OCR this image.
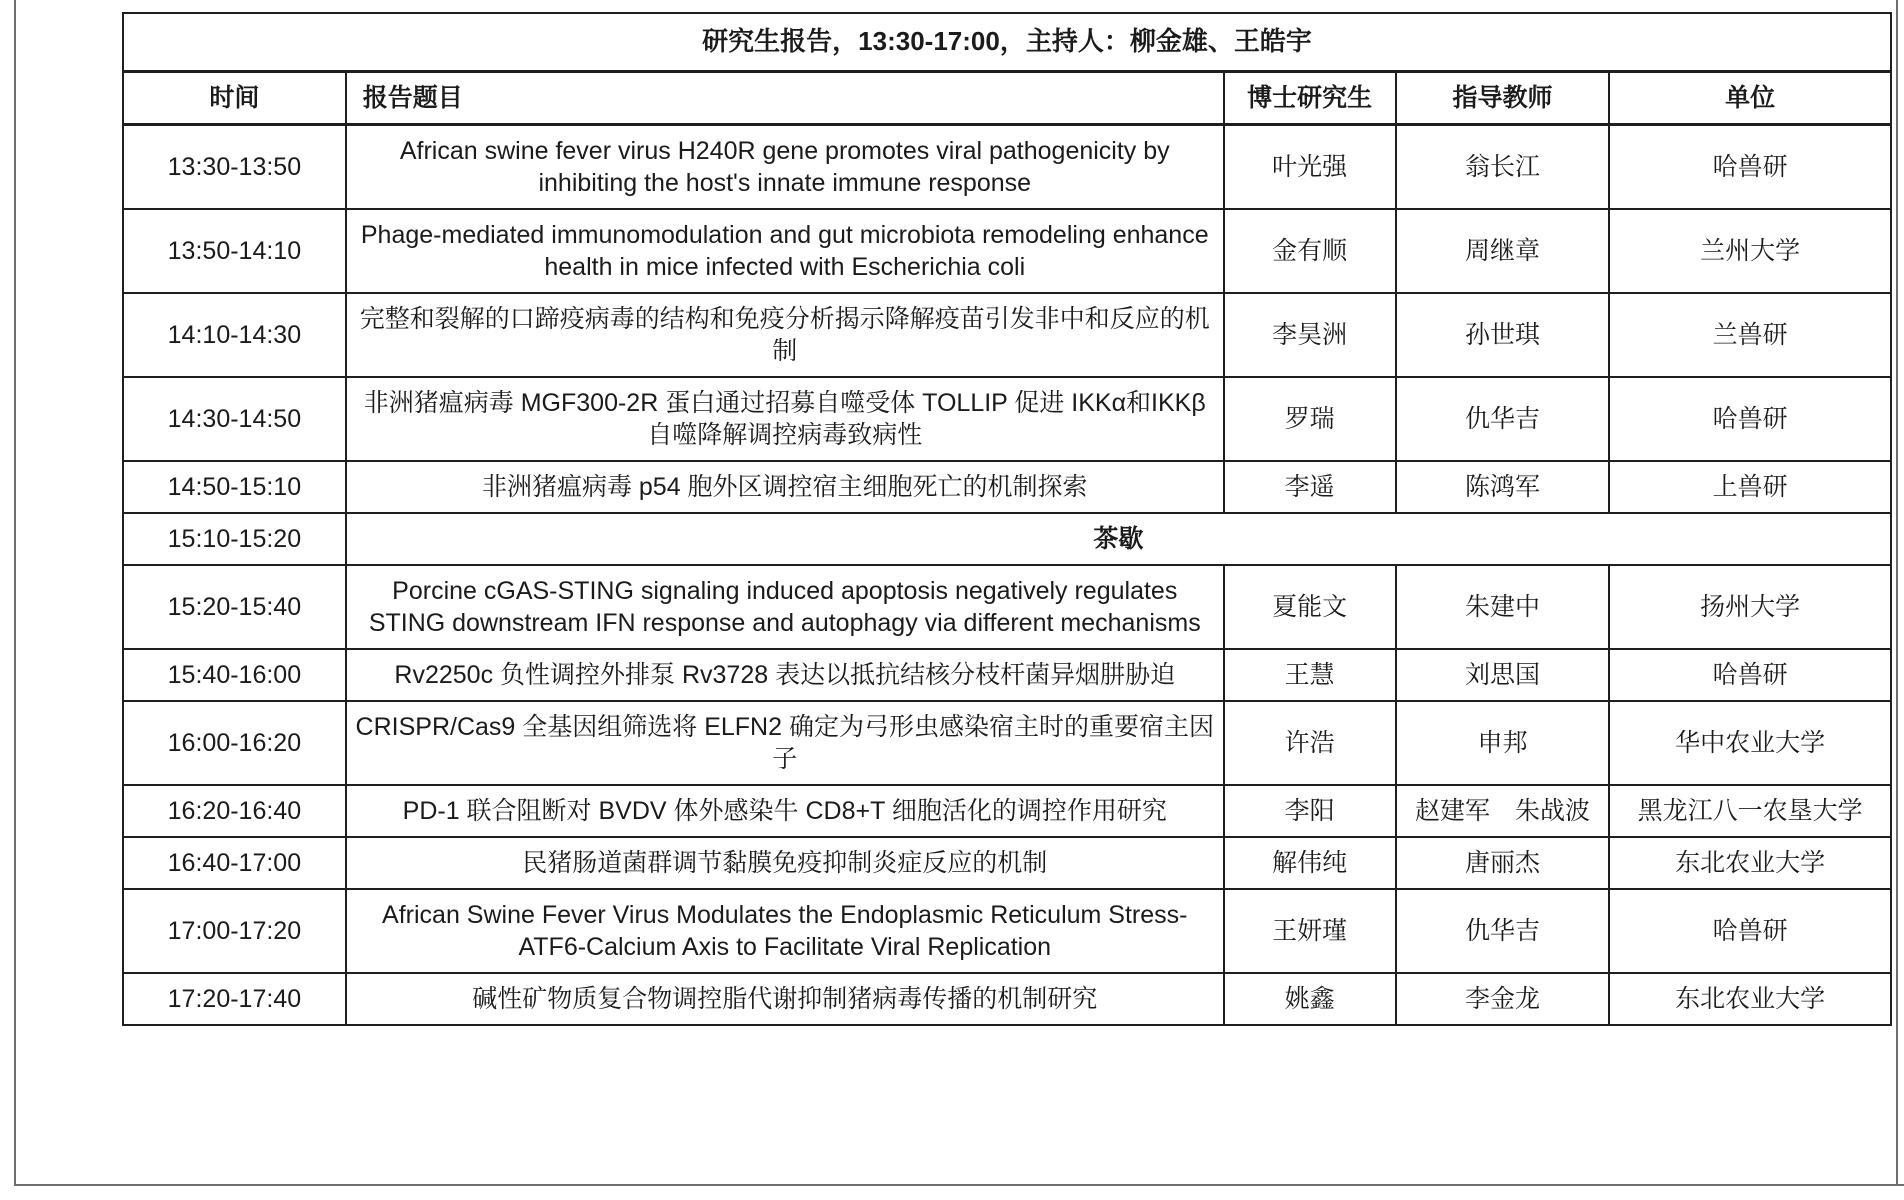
研究生报告，13:30-17:00，主持人：柳金雄、王皓宇				
时间	报告题目	博士研究生	指导教师	单位
13:30-13:50	African swine fever virus H240R gene promotes viral pathogenicity by inhibiting the host's innate immune response	叶光强	翁长江	哈兽研
13:50-14:10	Phage-mediated immunomodulation and gut microbiota remodeling enhance health in mice infected with Escherichia coli	金有顺	周继章	兰州大学
14:10-14:30	完整和裂解的口蹄疫病毒的结构和免疫分析揭示降解疫苗引发非中和反应的机制	李昊洲	孙世琪	兰兽研
14:30-14:50	非洲猪瘟病毒 MGF300-2R 蛋白通过招募自噬受体 TOLLIP 促进 IKKα和IKKβ自噬降解调控病毒致病性	罗瑞	仇华吉	哈兽研
14:50-15:10	非洲猪瘟病毒 p54 胞外区调控宿主细胞死亡的机制探索	李遥	陈鸿军	上兽研
15:10-15:20	茶歇			
15:20-15:40	Porcine cGAS-STING signaling induced apoptosis negatively regulates STING downstream IFN response and autophagy via different mechanisms	夏能文	朱建中	扬州大学
15:40-16:00	Rv2250c 负性调控外排泵 Rv3728 表达以抵抗结核分枝杆菌异烟肼胁迫	王慧	刘思国	哈兽研
16:00-16:20	CRISPR/Cas9 全基因组筛选将 ELFN2 确定为弓形虫感染宿主时的重要宿主因子	许浩	申邦	华中农业大学
16:20-16:40	PD-1 联合阻断对 BVDV 体外感染牛 CD8+T 细胞活化的调控作用研究	李阳	赵建军　朱战波	黑龙江八一农垦大学
16:40-17:00	民猪肠道菌群调节黏膜免疫抑制炎症反应的机制	解伟纯	唐丽杰	东北农业大学
17:00-17:20	African Swine Fever Virus Modulates the Endoplasmic Reticulum Stress-ATF6-Calcium Axis to Facilitate Viral Replication	王妍瑾	仇华吉	哈兽研
17:20-17:40	碱性矿物质复合物调控脂代谢抑制猪病毒传播的机制研究	姚鑫	李金龙	东北农业大学
